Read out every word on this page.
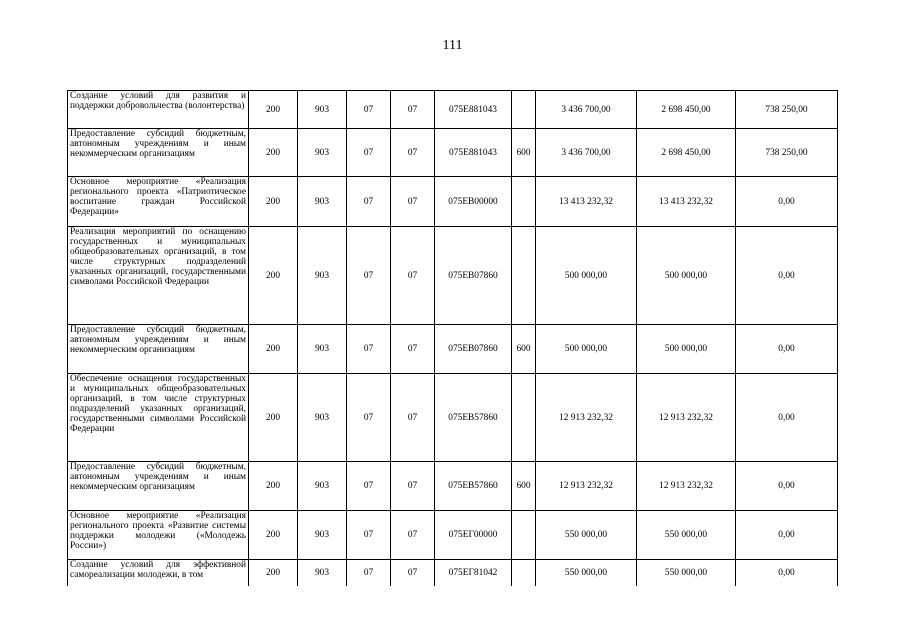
111
Создание условий для развития и поддержки добровольчества (волонтерства)	200	903	07	07	075E881043		3 436 700,00	2 698 450,00	738 250,00
Предоставление субсидий бюджетным, автономным учреждениям и иным некоммерческим организациям	200	903	07	07	075E881043	600	3 436 700,00	2 698 450,00	738 250,00
Основное мероприятие «Реализация регионального проекта «Патриотическое воспитание граждан Российской Федерации»	200	903	07	07	075EB00000		13 413 232,32	13 413 232,32	0,00
Реализация мероприятий по оснащению государственных и муниципальных общеобразовательных организаций, в том числе структурных подразделений указанных организаций, государственными символами Российской Федерации	200	903	07	07	075EB07860		500 000,00	500 000,00	0,00
Предоставление субсидий бюджетным, автономным учреждениям и иным некоммерческим организациям	200	903	07	07	075EB07860	600	500 000,00	500 000,00	0,00
Обеспечение оснащения государственных и муниципальных общеобразовательных организаций, в том числе структурных подразделений указанных организаций, государственными символами Российской Федерации	200	903	07	07	075EB57860		12 913 232,32	12 913 232,32	0,00
Предоставление субсидий бюджетным, автономным учреждениям и иным некоммерческим организациям	200	903	07	07	075EB57860	600	12 913 232,32	12 913 232,32	0,00
Основное мероприятие «Реализация регионального проекта «Развитие системы поддержки молодежи («Молодежь России»)	200	903	07	07	075EГ00000		550 000,00	550 000,00	0,00
Создание условий для эффективной самореализации молодежи, в том	200	903	07	07	075EГ81042		550 000,00	550 000,00	0,00
